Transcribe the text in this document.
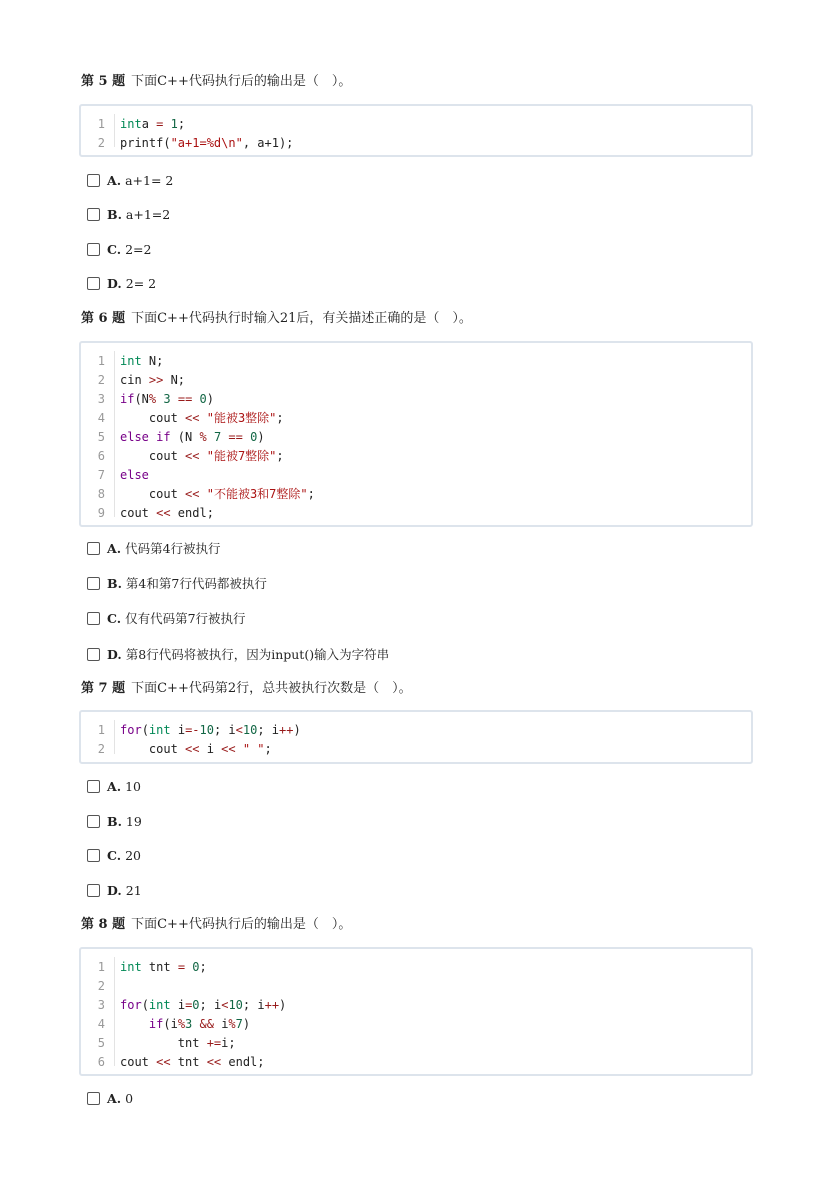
第 5 题 下面C++代码执行后的输出是（　）。
1 inta = 1;
2 printf("a+1=%d\n", a+1);
A. a+1= 2
B. a+1=2
C. 2=2
D. 2= 2
第 6 题 下面C++代码执行时输入21后，有关描述正确的是（　）。
1 int N;
2 cin >> N;
3 if(N% 3 == 0)
4 cout << "能被3整除";
5 else if (N % 7 == 0)
6 cout << "能被7整除";
7 else
8 cout << "不能被3和7整除";
9 cout << endl;
A. 代码第4行被执行
B. 第4和第7行代码都被执行
C. 仅有代码第7行被执行
D. 第8行代码将被执行，因为input()输入为字符串
第 7 题 下面C++代码第2行，总共被执行次数是（　）。
1 for(int i=-10; i<10; i++)
2 cout << i << " ";
A. 10
B. 19
C. 20
D. 21
第 8 题 下面C++代码执行后的输出是（　）。
1 int tnt = 0;
2
3 for(int i=0; i<10; i++)
4	if(i%3 && i%7)
5 tnt +=i;
6 cout << tnt << endl;
A. 0
